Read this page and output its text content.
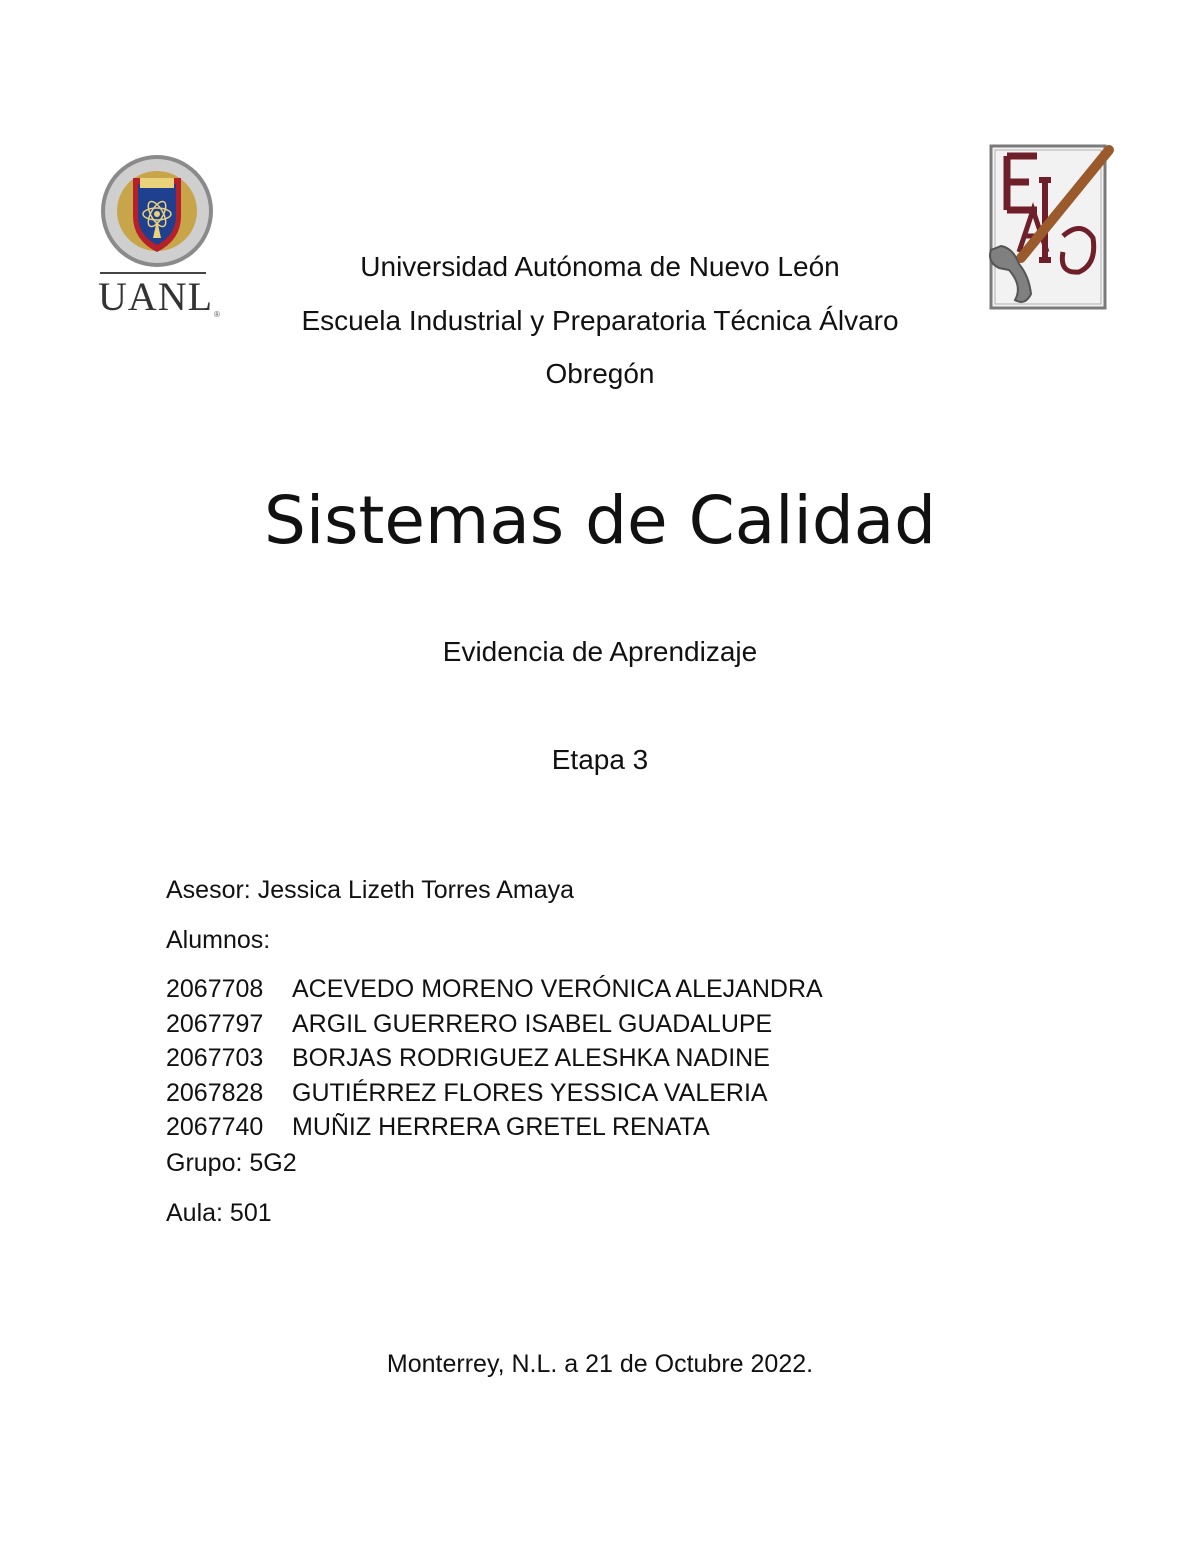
UANL ®
Universidad Autónoma de Nuevo León
Escuela Industrial y Preparatoria Técnica Álvaro
Obregón
Sistemas de Calidad
Evidencia de Aprendizaje
Etapa 3
Asesor: Jessica Lizeth Torres Amaya
Alumnos:
2067708 ACEVEDO MORENO VERÓNICA ALEJANDRA
2067797 ARGIL GUERRERO ISABEL GUADALUPE
2067703 BORJAS RODRIGUEZ ALESHKA NADINE
2067828 GUTIÉRREZ FLORES YESSICA VALERIA
2067740 MUÑIZ HERRERA GRETEL RENATA
Grupo: 5G2
Aula: 501
Monterrey, N.L. a 21 de Octubre 2022.
